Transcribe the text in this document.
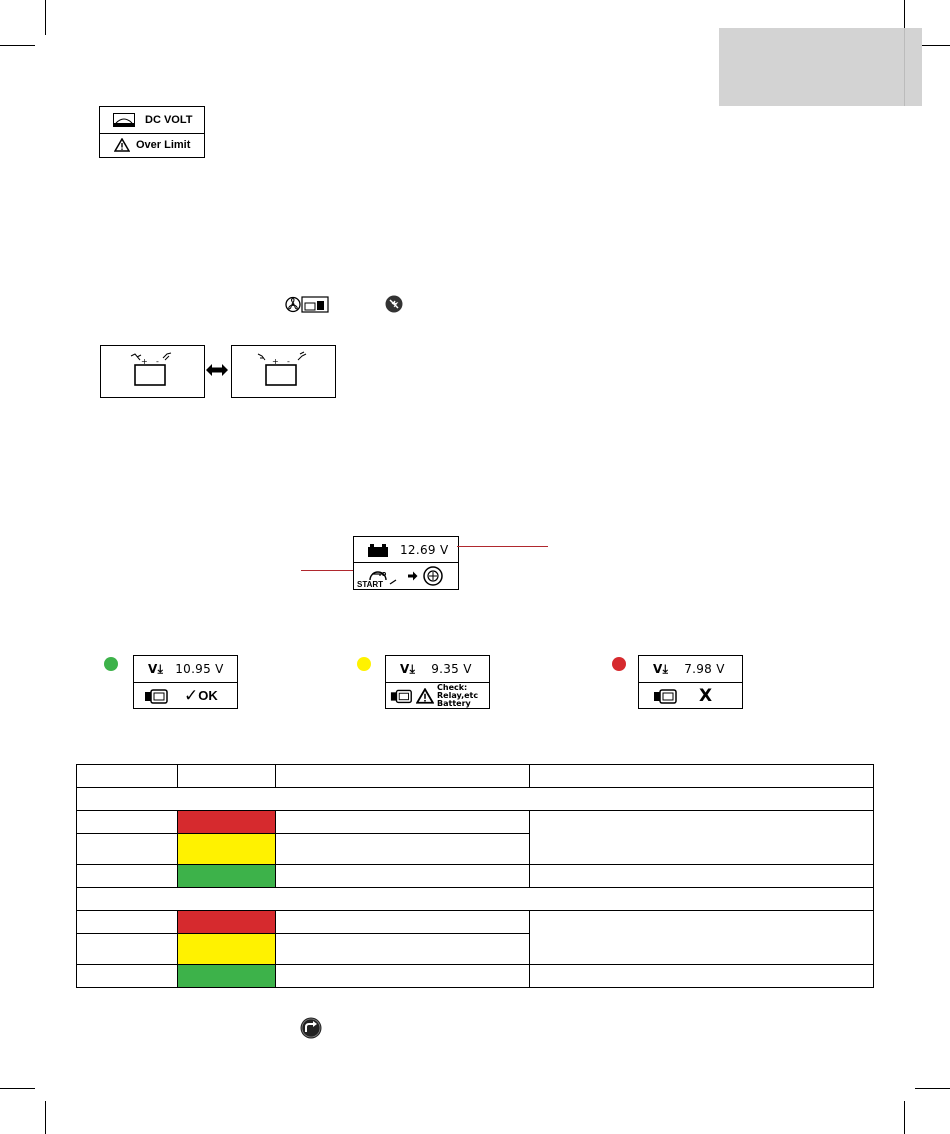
DC VOLT
Over Limit
+ -	+ -
12.69 V
START
V⤓ 10.95 V
✓ OK
V⤓ 9.35 V
Check:
Relay,etc
Battery
V⤓ 7.98 V
X
